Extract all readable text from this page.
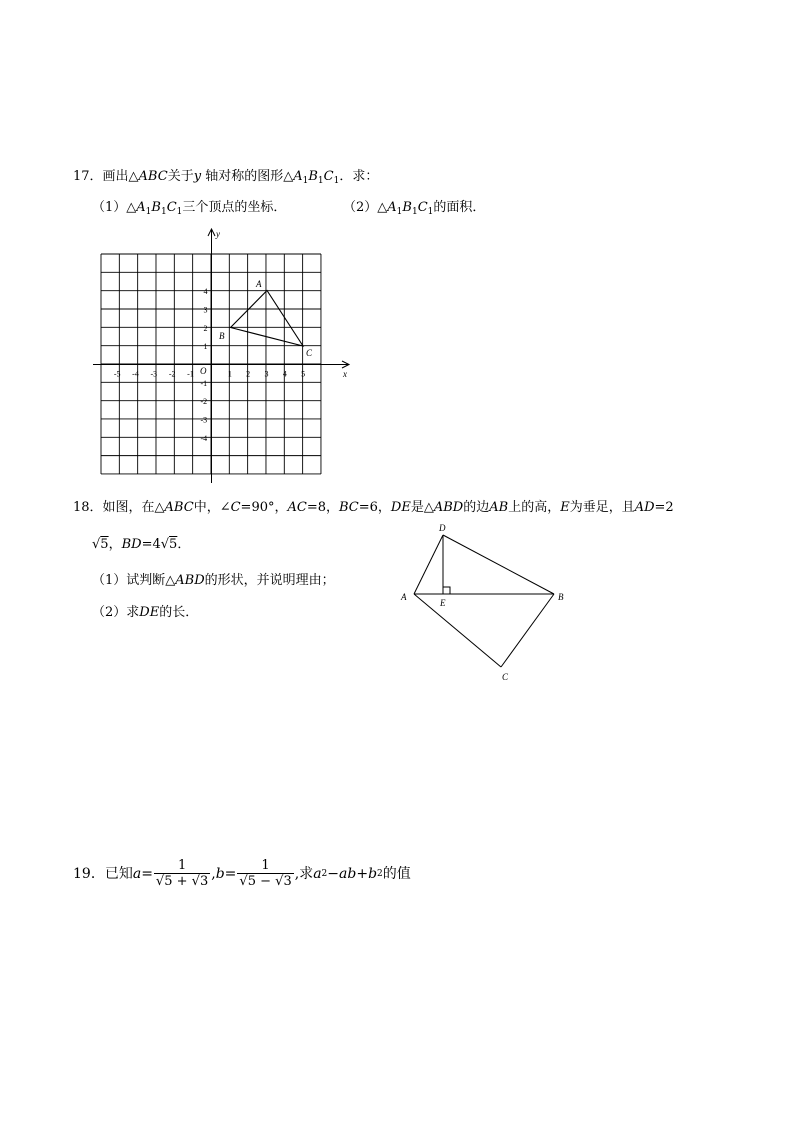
17．画出△ABC关于y 轴对称的图形$\triangle A_1B_1C_1$．求：
$(1)\triangle A_1B_1C_1$三个顶点的坐标．	$(2)\triangle A_1B_1C_1$的面积．
x
y
O
-5 -4 -3 -2 -1	1 2 3 4 5
4
3
2
1
-1
-2
-3
-4
A
B
C
18．如图，在△ABC中，∠C=90°，AC=8，BC=6，DE是△ABD的边AB上的高，E为垂足，且AD=2
√5，BD=4√5．
（1）试判断△ABD的形状，并说明理由；
（2）求DE的长．
D
A
E
B
C
19． 已知 $a = \frac{1}{√5 + √3}$ , $b = \frac{1}{√5 - √3}$ ,求 a 2 − ab + b 2 的值
